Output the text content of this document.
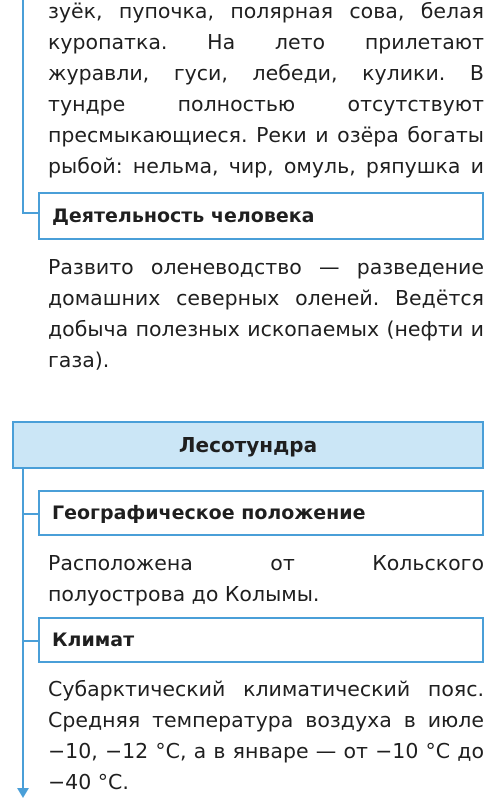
зуёк, пупочка, полярная сова, белая куропатка. На лето прилетают журавли, гуси, лебеди, кулики. В тундре полностью отсутствуют пресмыкающиеся. Реки и озёра богаты рыбой: нельма, чир, омуль, ряпушка и

Деятельность человека

Развито оленеводство — разведение домашних северных оленей. Ведётся добыча полезных ископаемых (нефти и газа).

Лесотундра
Географическое положение

Расположена от Кольского полуострова до Колымы.

Климат

Субарктический климатический пояс. Средняя температура воздуха в июле −10, −12 °С, а в январе — от −10 °С до −40 °С.
